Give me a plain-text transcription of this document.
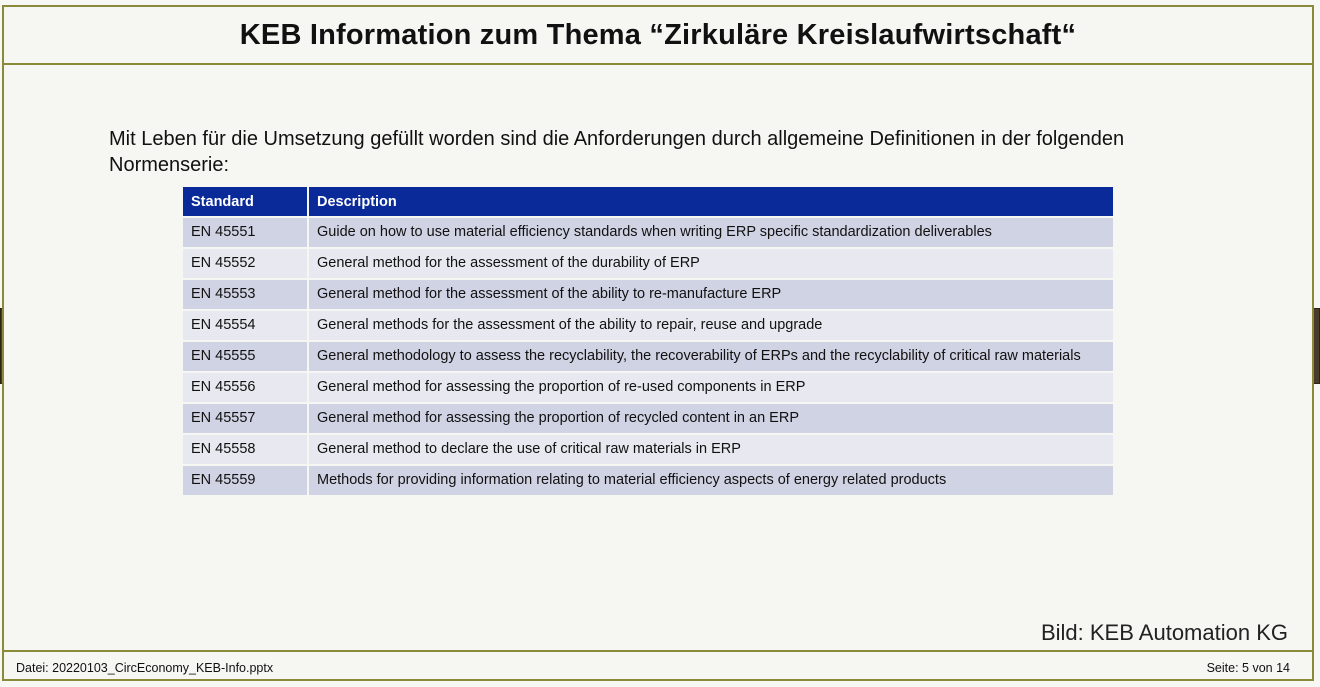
KEB Information zum Thema “Zirkuläre Kreislaufwirtschaft“
Mit Leben für die Umsetzung gefüllt worden sind die Anforderungen durch allgemeine Definitionen in der folgenden Normenserie:
Standard	Description
EN 45551	Guide on how to use material efficiency standards when writing ERP specific standardization deliverables
EN 45552	General method for the assessment of the durability of ERP
EN 45553	General method for the assessment of the ability to re-manufacture ERP
EN 45554	General methods for the assessment of the ability to repair, reuse and upgrade
EN 45555	General methodology to assess the recyclability, the recoverability of ERPs and the recyclability of critical raw materials
EN 45556	General method for assessing the proportion of re-used components in ERP
EN 45557	General method for assessing the proportion of recycled content in an ERP
EN 45558	General method to declare the use of critical raw materials in ERP
EN 45559	Methods for providing information relating to material efficiency aspects of energy related products
Bild: KEB Automation KG
Datei: 20220103_CircEconomy_KEB-Info.pptx	Seite: 5 von 14
